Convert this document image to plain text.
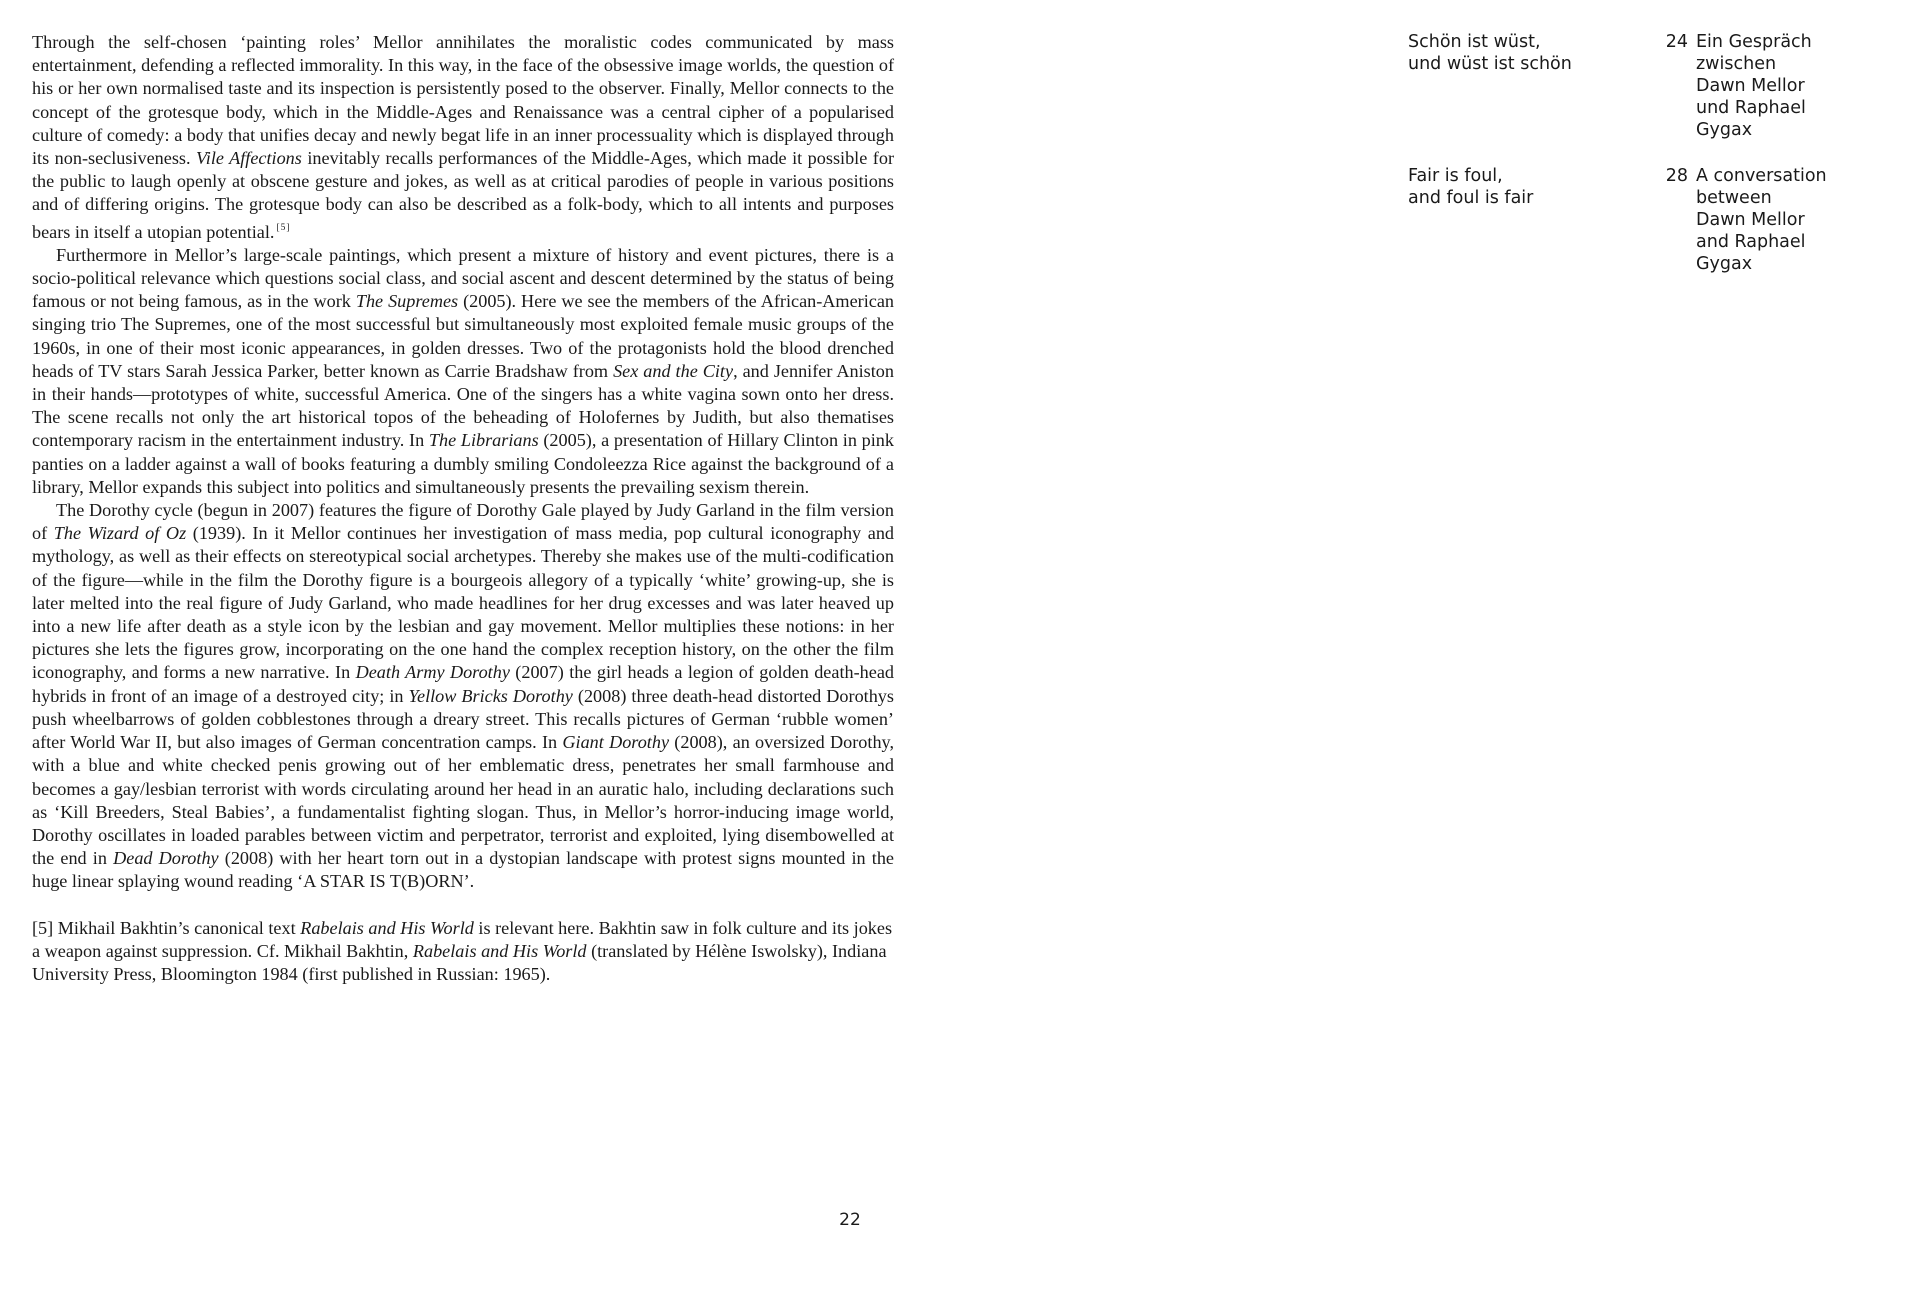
Through the self-chosen ‘painting roles’ Mellor annihilates the moralistic codes communicated by mass entertainment, defending a reflected immorality. In this way, in the face of the obsessive image worlds, the question of his or her own normalised taste and its inspection is persistently posed to the observer. Finally, Mellor connects to the concept of the grotesque body, which in the Middle-Ages and Renaissance was a central cipher of a popularised culture of comedy: a body that unifies decay and newly begat life in an inner processuality which is displayed through its non-seclusiveness. Vile Affections inevitably recalls performances of the Middle-Ages, which made it possible for the public to laugh openly at obscene gesture and jokes, as well as at critical parodies of people in various positions and of differing origins. The grotesque body can also be described as a folk-body, which to all intents and purposes bears in itself a utopian potential. [5]

Furthermore in Mellor’s large-scale paintings, which present a mixture of history and event pictures, there is a socio-political relevance which questions social class, and social ascent and descent determined by the status of being famous or not being famous, as in the work The Supremes (2005). Here we see the members of the African-American singing trio The Supremes, one of the most successful but simultaneously most exploited female music groups of the 1960s, in one of their most iconic appearances, in golden dresses. Two of the protagonists hold the blood drenched heads of TV stars Sarah Jessica Parker, better known as Carrie Bradshaw from Sex and the City, and Jennifer Aniston in their hands—prototypes of white, successful America. One of the singers has a white vagina sown onto her dress. The scene recalls not only the art historical topos of the beheading of Holofernes by Judith, but also thematises contemporary racism in the entertainment industry. In The Librarians (2005), a presentation of Hillary Clinton in pink panties on a ladder against a wall of books featuring a dumbly smiling Condoleezza Rice against the background of a library, Mellor expands this subject into politics and simultaneously presents the prevailing sexism therein.

The Dorothy cycle (begun in 2007) features the figure of Dorothy Gale played by Judy Garland in the film version of The Wizard of Oz (1939). In it Mellor continues her investigation of mass media, pop cultural iconography and mythology, as well as their effects on stereotypical social archetypes. Thereby she makes use of the multi-codification of the figure—while in the film the Dorothy figure is a bourgeois allegory of a typically ‘white’ growing-up, she is later melted into the real figure of Judy Garland, who made headlines for her drug excesses and was later heaved up into a new life after death as a style icon by the lesbian and gay movement. Mellor multiplies these notions: in her pictures she lets the figures grow, incorporating on the one hand the complex reception history, on the other the film iconography, and forms a new narrative. In Death Army Dorothy (2007) the girl heads a legion of golden death-head hybrids in front of an image of a destroyed city; in Yellow Bricks Dorothy (2008) three death-head distorted Dorothys push wheelbarrows of golden cobblestones through a dreary street. This recalls pictures of German ‘rubble women’ after World War II, but also images of German concentration camps. In Giant Dorothy (2008), an oversized Dorothy, with a blue and white checked penis growing out of her emblematic dress, penetrates her small farmhouse and becomes a gay/lesbian terrorist with words circulating around her head in an auratic halo, including declarations such as ‘Kill Breeders, Steal Babies’, a fundamentalist fighting slogan. Thus, in Mellor’s horror-inducing image world, Dorothy oscillates in loaded parables between victim and perpetrator, terrorist and exploited, lying disembowelled at the end in Dead Dorothy (2008) with her heart torn out in a dystopian landscape with protest signs mounted in the huge linear splaying wound reading ‘A STAR IS T(B)ORN’.

[5] Mikhail Bakhtin’s canonical text Rabelais and His World is relevant here. Bakhtin saw in folk culture and its jokes a weapon against suppression. Cf. Mikhail Bakhtin, Rabelais and His World (translated by Hélène Iswolsky), Indiana University Press, Bloomington 1984 (first published in Russian: 1965).

22
Schön ist wüst,
und wüst ist schön
24 Ein Gespräch
zwischen
Dawn Mellor
und Raphael
Gygax
Fair is foul,
and foul is fair
28 A conversation
between
Dawn Mellor
and Raphael
Gygax
